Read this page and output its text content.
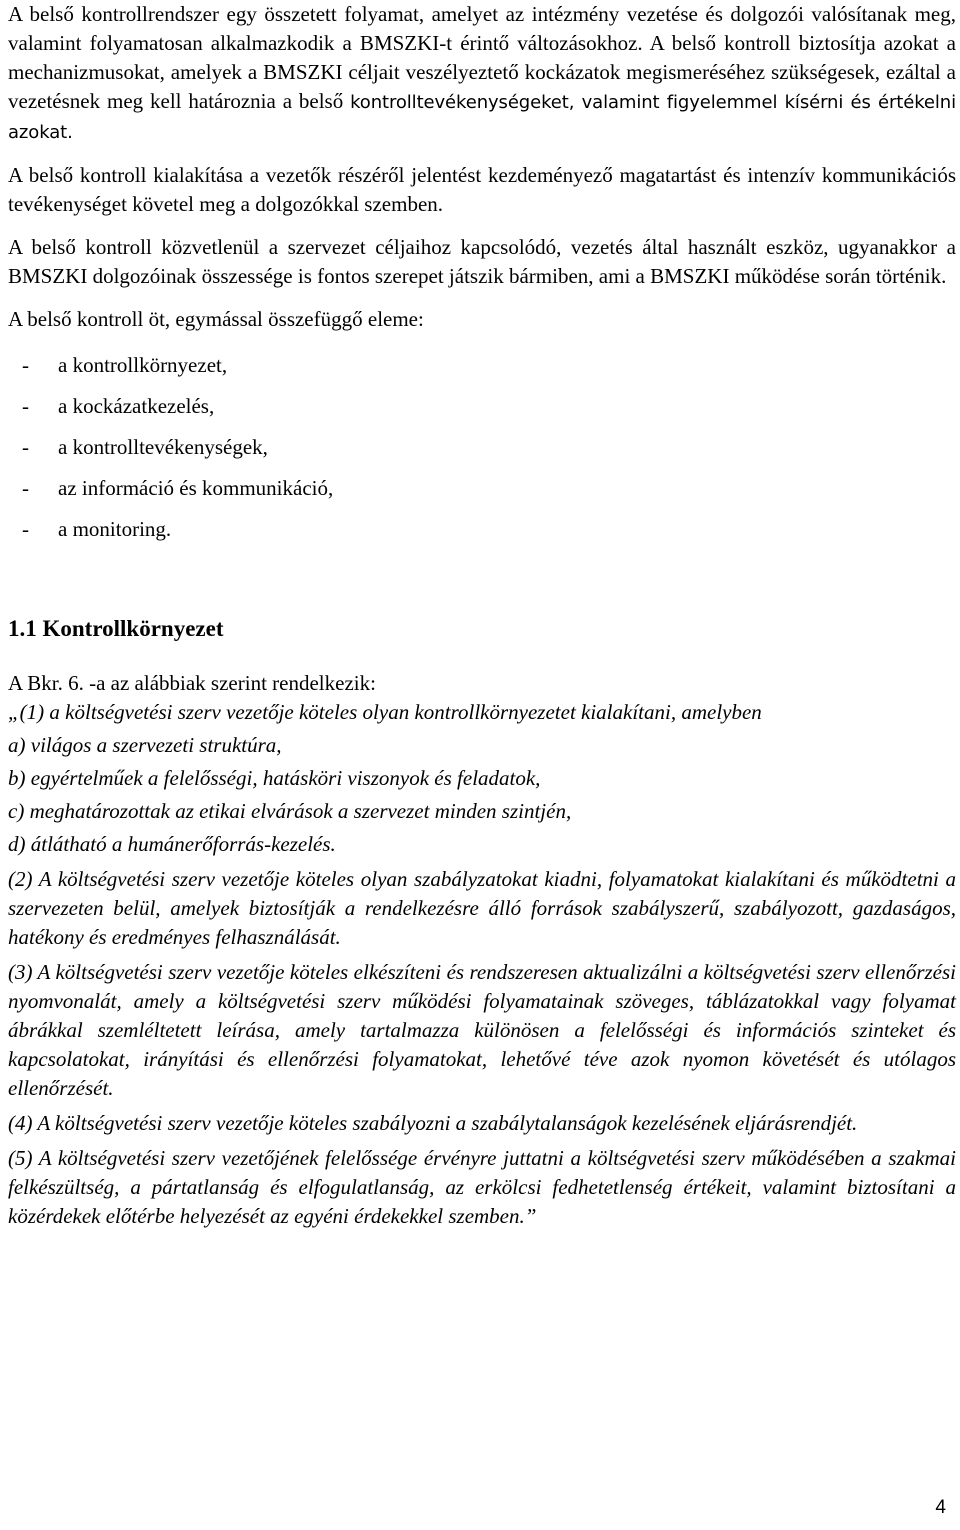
A belső kontrollrendszer egy összetett folyamat, amelyet az intézmény vezetése és dolgozói valósítanak meg, valamint folyamatosan alkalmazkodik a BMSZKI-t érintő változásokhoz. A belső kontroll biztosítja azokat a mechanizmusokat, amelyek a BMSZKI céljait veszélyeztető kockázatok megismeréséhez szükségesek, ezáltal a vezetésnek meg kell határoznia a belső kontrolltevékenységeket, valamint figyelemmel kísérni és értékelni azokat.

A belső kontroll kialakítása a vezetők részéről jelentést kezdeményező magatartást és intenzív kommunikációs tevékenységet követel meg a dolgozókkal szemben.

A belső kontroll közvetlenül a szervezet céljaihoz kapcsolódó, vezetés által használt eszköz, ugyanakkor a BMSZKI dolgozóinak összessége is fontos szerepet játszik bármiben, ami a BMSZKI működése során történik.

A belső kontroll öt, egymással összefüggő eleme:

-	a kontrollkörnyezet,
-	a kockázatkezelés,
-	a kontrolltevékenységek,
-	az információ és kommunikáció,
-	a monitoring.
1.1 Kontrollkörnyezet

A Bkr. 6. -a az alábbiak szerint rendelkezik:

„(1) a költségvetési szerv vezetője köteles olyan kontrollkörnyezetet kialakítani, amelyben

a) világos a szervezeti struktúra,

b) egyértelműek a felelősségi, hatásköri viszonyok és feladatok,

c) meghatározottak az etikai elvárások a szervezet minden szintjén,

d) átlátható a humánerőforrás-kezelés.

(2) A költségvetési szerv vezetője köteles olyan szabályzatokat kiadni, folyamatokat kialakítani és működtetni a szervezeten belül, amelyek biztosítják a rendelkezésre álló források szabályszerű, szabályozott, gazdaságos, hatékony és eredményes felhasználását.

(3) A költségvetési szerv vezetője köteles elkészíteni és rendszeresen aktualizálni a költségvetési szerv ellenőrzési nyomvonalát, amely a költségvetési szerv működési folyamatainak szöveges, táblázatokkal vagy folyamat ábrákkal szemléltetett leírása, amely tartalmazza különösen a felelősségi és információs szinteket és kapcsolatokat, irányítási és ellenőrzési folyamatokat, lehetővé téve azok nyomon követését és utólagos ellenőrzését.

(4) A költségvetési szerv vezetője köteles szabályozni a szabálytalanságok kezelésének eljárásrendjét.

(5) A költségvetési szerv vezetőjének felelőssége érvényre juttatni a költségvetési szerv működésében a szakmai felkészültség, a pártatlanság és elfogulatlanság, az erkölcsi fedhetetlenség értékeit, valamint biztosítani a közérdekek előtérbe helyezését az egyéni érdekekkel szemben.”

4
